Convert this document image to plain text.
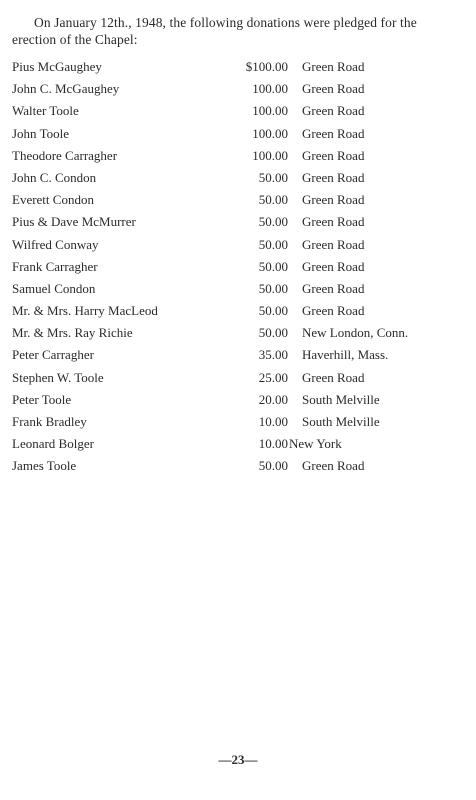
On January 12th., 1948, the following donations were pledged for the erection of the Chapel:

Pius McGaughey	$100.00 Green Road
John C. McGaughey	100.00 Green Road
Walter Toole	100.00 Green Road
John Toole	100.00 Green Road
Theodore Carragher	100.00 Green Road
John C. Condon	50.00 Green Road
Everett Condon	50.00 Green Road
Pius & Dave McMurrer	50.00 Green Road
Wilfred Conway	50.00 Green Road
Frank Carragher	50.00 Green Road
Samuel Condon	50.00 Green Road
Mr. & Mrs. Harry MacLeod	50.00 Green Road
Mr. & Mrs. Ray Richie	50.00 New London, Conn.
Peter Carragher	35.00 Haverhill, Mass.
Stephen W. Toole	25.00 Green Road
Peter Toole	20.00 South Melville
Frank Bradley	10.00 South Melville
Leonard Bolger	10.00 New York
James Toole	50.00 Green Road
—23—
